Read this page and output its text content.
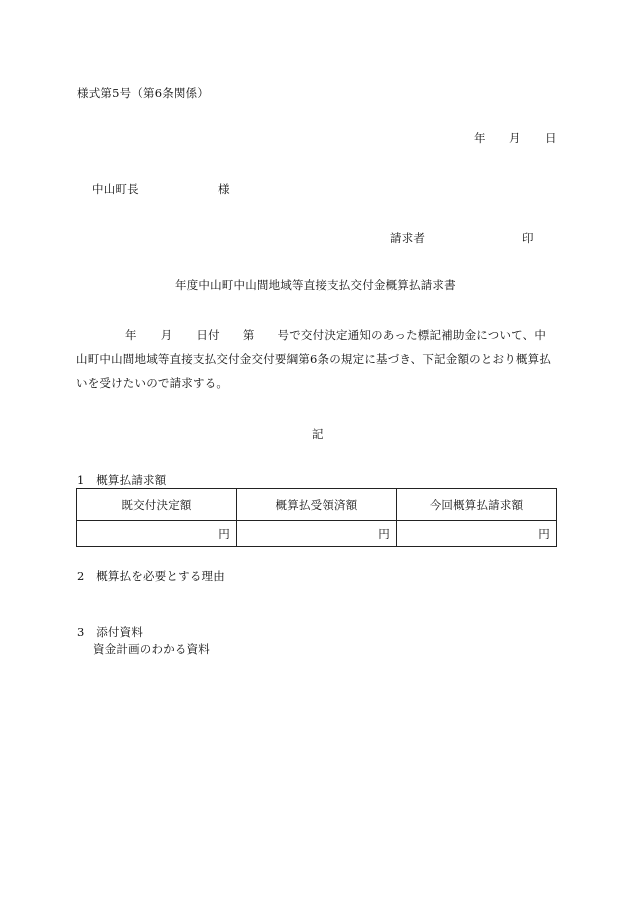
様式第5号（第6条関係）
年 月 日
中山町長	様
請求者	印
年度中山町中山間地域等直接支払交付金概算払請求書
年 月 日付 第 号で交付決定通知のあった標記補助金について、中
山町中山間地域等直接支払交付金交付要綱第6条の規定に基づき、下記金額のとおり概算払
いを受けたいので請求する。
記
1　概算払請求額
既交付決定額	概算払受領済額	今回概算払請求額
円	円	円
2　概算払を必要とする理由
3　添付資料
資金計画のわかる資料
